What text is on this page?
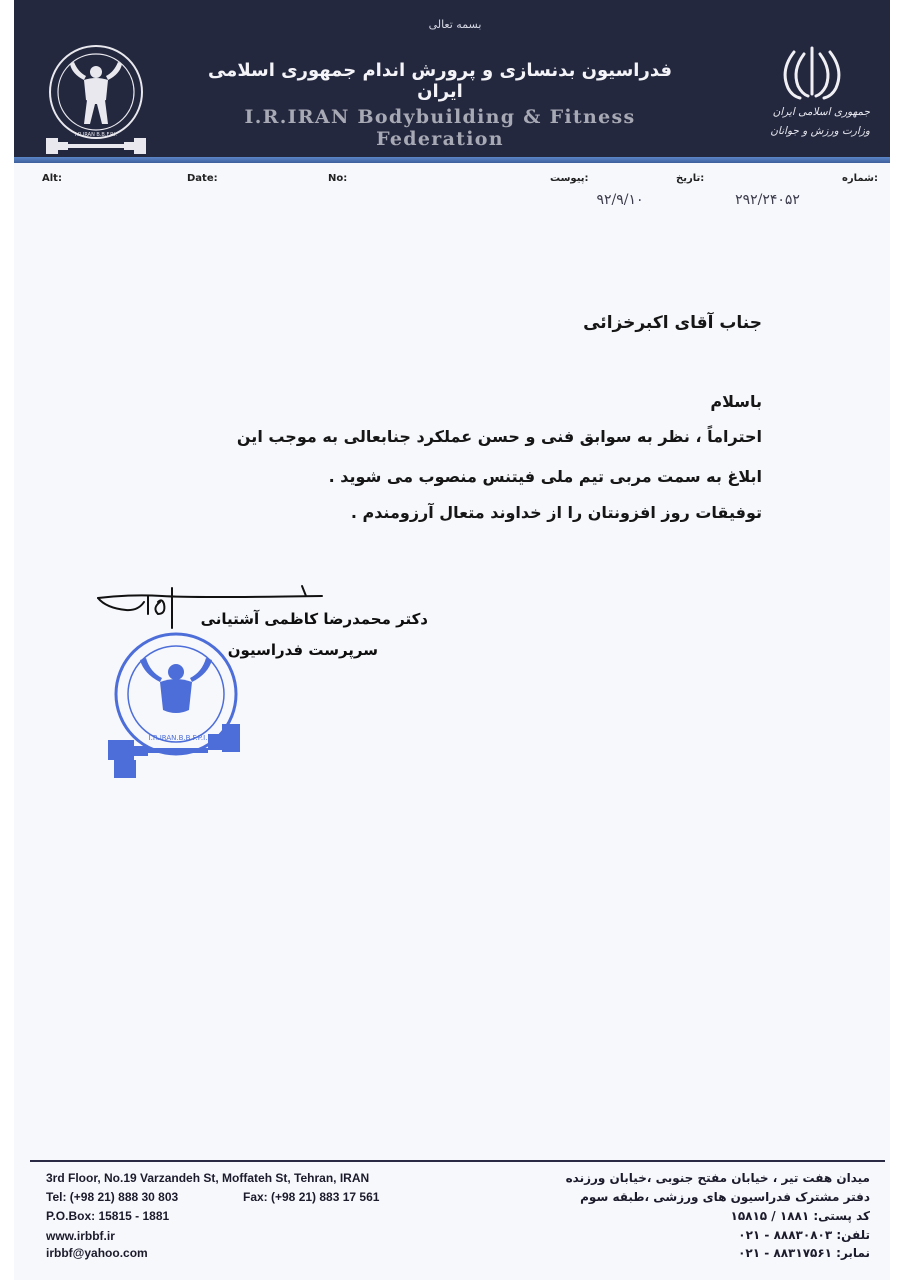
بسمه تعالی
فدراسیون بدنسازی و پرورش اندام جمهوری اسلامی ایران
I.R.IRAN Bodybuilding & Fitness Federation
I.R.IRAN B.B.F.P.I.
جمهوری اسلامی ایران
وزارت ورزش و جوانان
Alt:	Date:	No:	پیوست:	تاریخ:	شماره:
۹۲/۹/۱۰	۲۹۲/۲۴۰۵۲
جناب آقای اکبرخزائی
باسلام
احتراماً ، نظر به سوابق فنی و حسن عملکرد جنابعالی به موجب این
ابلاغ به سمت مربی تیم ملی فیتنس منصوب می شوید .
توفیقات روز افزونتان را از خداوند متعال آرزومندم .
I.R.IRAN.B.B.F.P.I.
دکتر محمدرضا کاظمی آشتیانی
سرپرست فدراسیون
3rd Floor, No.19 Varzandeh St, Moffateh St, Tehran, IRAN
Tel: (+98 21) 888 30 803	Fax: (+98 21) 883 17 561
P.O.Box: 15815 - 1881
www.irbbf.ir
irbbf@yahoo.com
میدان هفت تیر ، خیابان مفتح جنوبی ،خیابان ورزنده
دفتر مشترک فدراسیون های ورزشی ،طبقه سوم
کد پستی: ۱۸۸۱ / ۱۵۸۱۵
تلفن: ۸۸۸۳۰۸۰۳ - ۰۲۱
نمابر: ۸۸۳۱۷۵۶۱ - ۰۲۱
